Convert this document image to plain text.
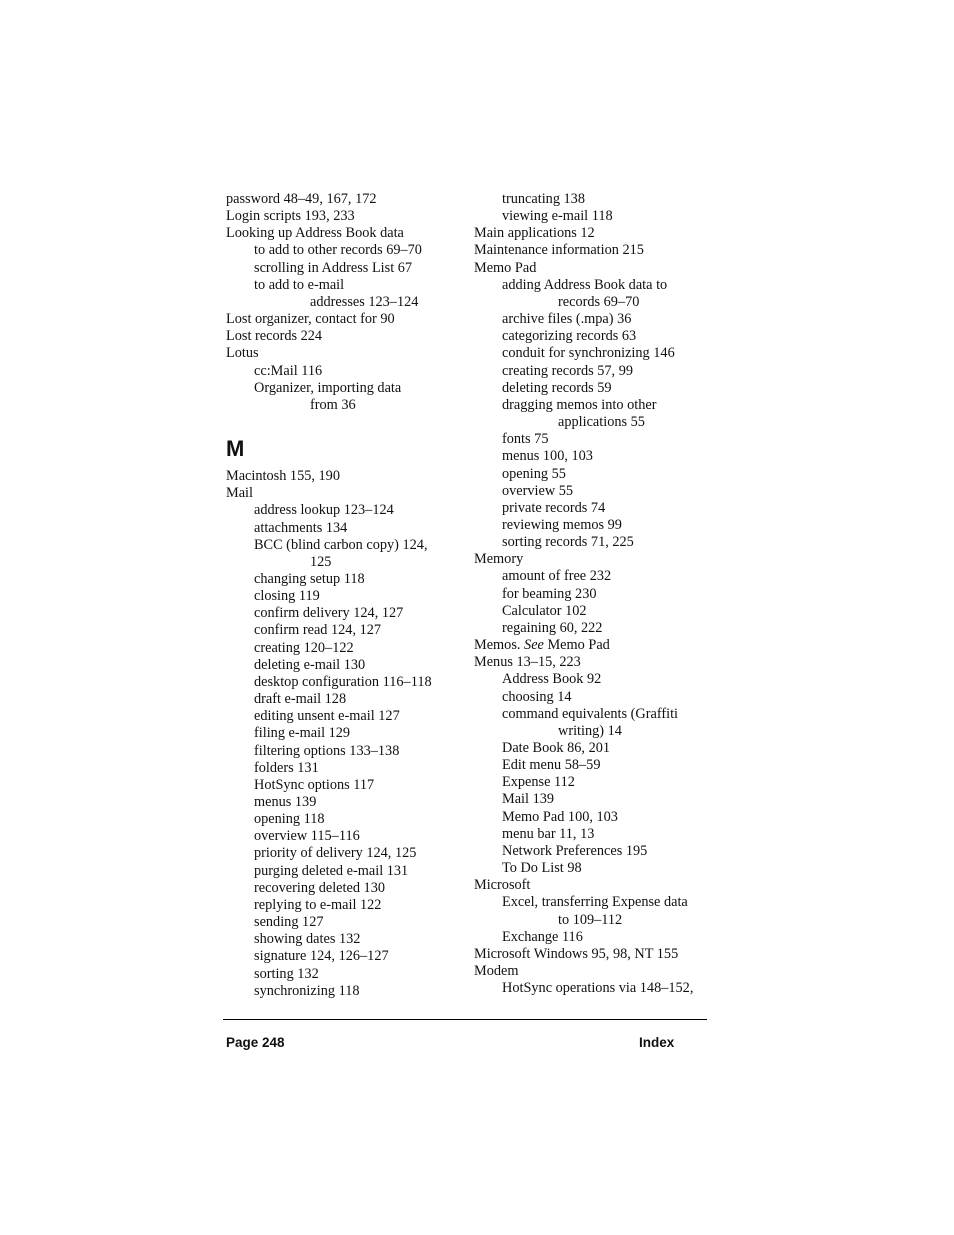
password 48–49, 167, 172
Login scripts 193, 233
Looking up Address Book data
to add to other records 69–70
scrolling in Address List 67
to add to e-mail
addresses 123–124
Lost organizer, contact for 90
Lost records 224
Lotus
cc:Mail 116
Organizer, importing data
from 36
M
Macintosh 155, 190
Mail
address lookup 123–124
attachments 134
BCC (blind carbon copy) 124,
125
changing setup 118
closing 119
confirm delivery 124, 127
confirm read 124, 127
creating 120–122
deleting e-mail 130
desktop configuration 116–118
draft e-mail 128
editing unsent e-mail 127
filing e-mail 129
filtering options 133–138
folders 131
HotSync options 117
menus 139
opening 118
overview 115–116
priority of delivery 124, 125
purging deleted e-mail 131
recovering deleted 130
replying to e-mail 122
sending 127
showing dates 132
signature 124, 126–127
sorting 132
synchronizing 118
truncating 138
viewing e-mail 118
Main applications 12
Maintenance information 215
Memo Pad
adding Address Book data to
records 69–70
archive files (.mpa) 36
categorizing records 63
conduit for synchronizing 146
creating records 57, 99
deleting records 59
dragging memos into other
applications 55
fonts 75
menus 100, 103
opening 55
overview 55
private records 74
reviewing memos 99
sorting records 71, 225
Memory
amount of free 232
for beaming 230
Calculator 102
regaining 60, 222
Memos. See Memo Pad
Menus 13–15, 223
Address Book 92
choosing 14
command equivalents (Graffiti
writing) 14
Date Book 86, 201
Edit menu 58–59
Expense 112
Mail 139
Memo Pad 100, 103
menu bar 11, 13
Network Preferences 195
To Do List 98
Microsoft
Excel, transferring Expense data
to 109–112
Exchange 116
Microsoft Windows 95, 98, NT 155
Modem
HotSync operations via 148–152,
Page 248	Index
